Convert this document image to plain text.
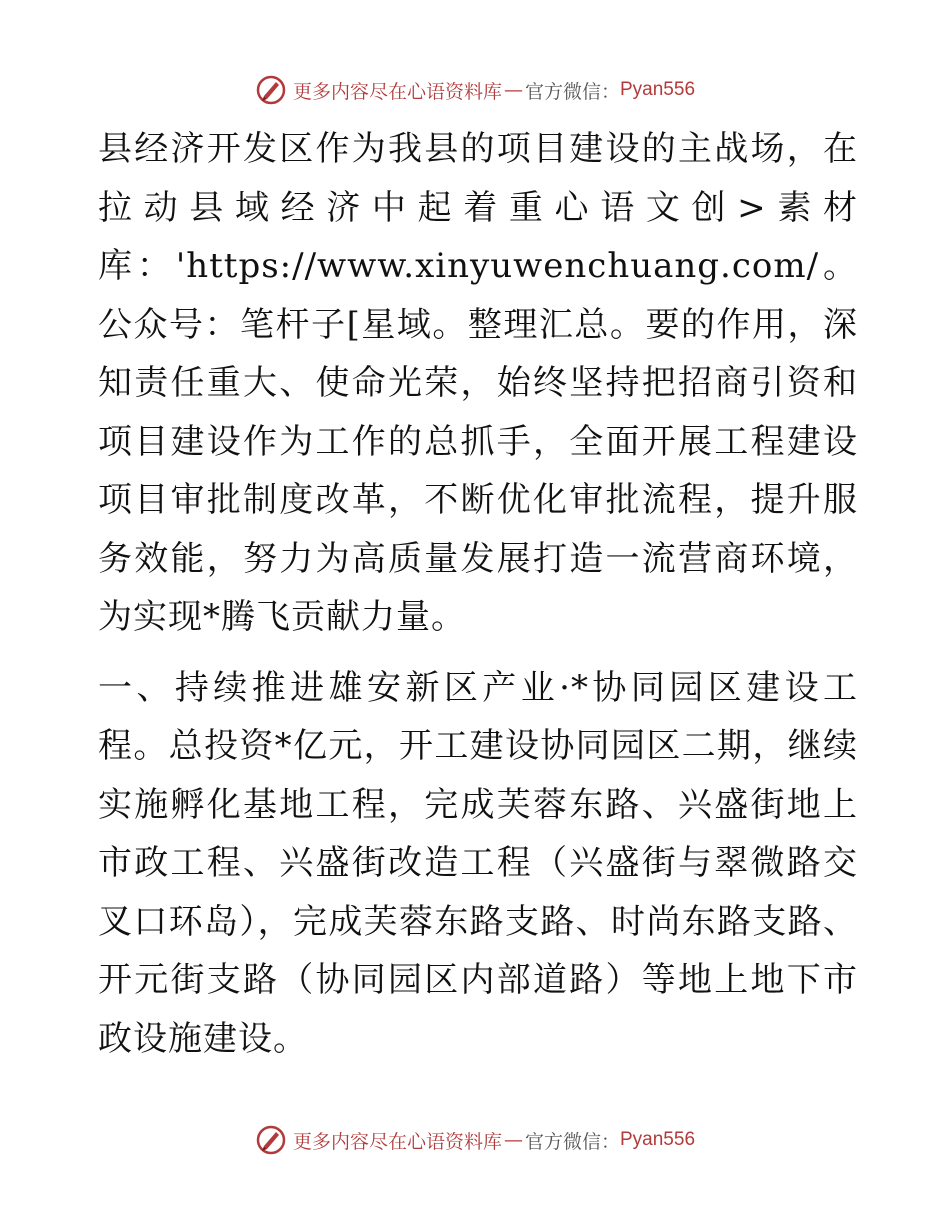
更多内容尽在心语资料库 — 官方微信： Pyan556

县经济开发区作为我县的项目建设的主战场，在拉动县域经济中起着重心语文创>素材库：'https://www.xinyuwenchuang.com/。公众号：笔杆子[星域。整理汇总。要的作用，深知责任重大、使命光荣，始终坚持把招商引资和项目建设作为工作的总抓手，全面开展工程建设项目审批制度改革，不断优化审批流程，提升服务效能，努力为高质量发展打造一流营商环境，为实现*腾飞贡献力量。

一、持续推进雄安新区产业·*协同园区建设工程。总投资*亿元，开工建设协同园区二期，继续实施孵化基地工程，完成芙蓉东路、兴盛街地上市政工程、兴盛街改造工程（兴盛街与翠微路交叉口环岛），完成芙蓉东路支路、时尚东路支路、开元街支路（协同园区内部道路）等地上地下市政设施建设。

更多内容尽在心语资料库 — 官方微信： Pyan556
